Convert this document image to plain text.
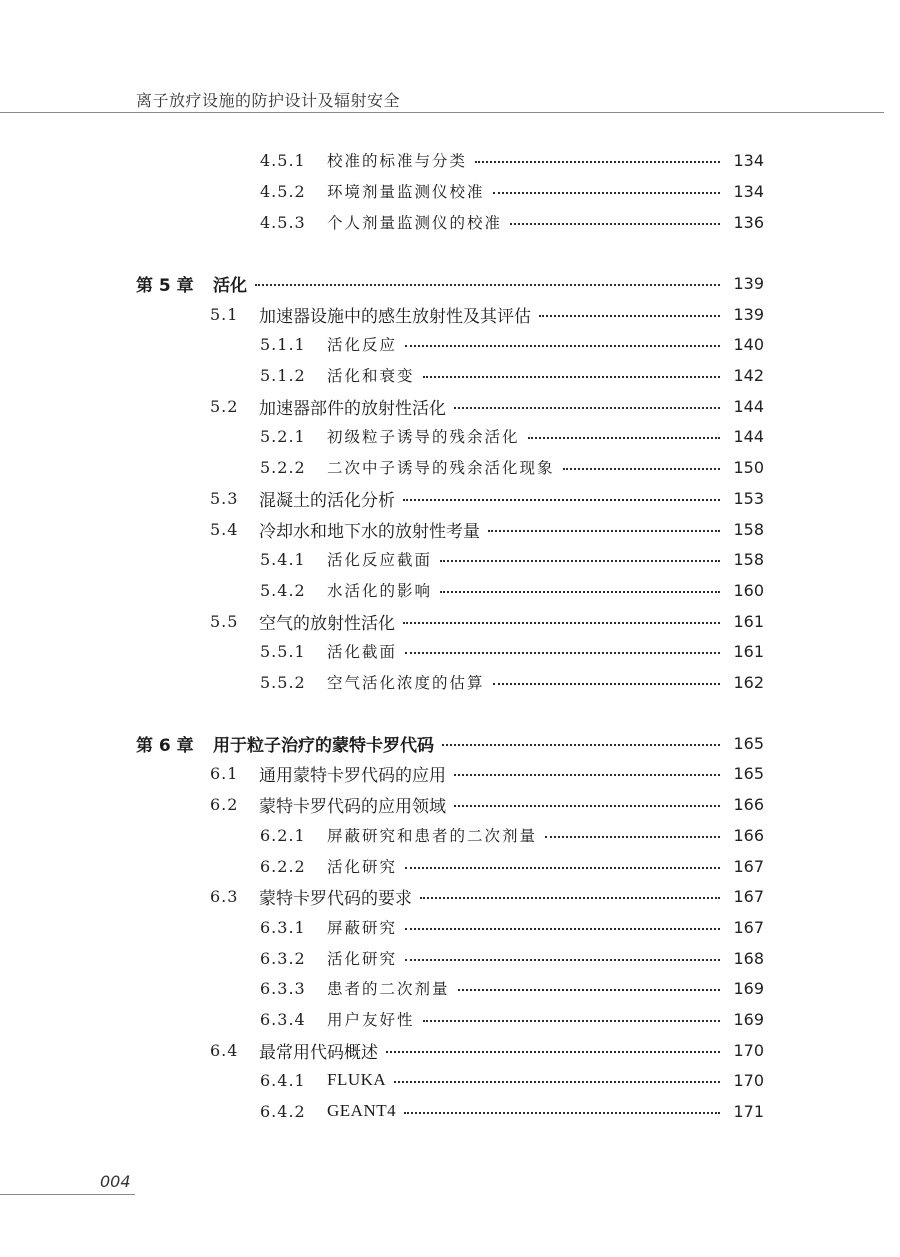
离子放疗设施的防护设计及辐射安全
4.5.1 校准的标准与分类	134
4.5.2 环境剂量监测仪校准	134
4.5.3 个人剂量监测仪的校准	136
第 5 章 活化	139
5.1 加速器设施中的感生放射性及其评估	139
5.1.1 活化反应	140
5.1.2 活化和衰变	142
5.2 加速器部件的放射性活化	144
5.2.1 初级粒子诱导的残余活化	144
5.2.2 二次中子诱导的残余活化现象	150
5.3 混凝土的活化分析	153
5.4 冷却水和地下水的放射性考量	158
5.4.1 活化反应截面	158
5.4.2 水活化的影响	160
5.5 空气的放射性活化	161
5.5.1 活化截面	161
5.5.2 空气活化浓度的估算	162
第 6 章 用于粒子治疗的蒙特卡罗代码	165
6.1 通用蒙特卡罗代码的应用	165
6.2 蒙特卡罗代码的应用领域	166
6.2.1 屏蔽研究和患者的二次剂量	166
6.2.2 活化研究	167
6.3 蒙特卡罗代码的要求	167
6.3.1 屏蔽研究	167
6.3.2 活化研究	168
6.3.3 患者的二次剂量	169
6.3.4 用户友好性	169
6.4 最常用代码概述	170
6.4.1 FLUKA	170
6.4.2 GEANT4	171
004
